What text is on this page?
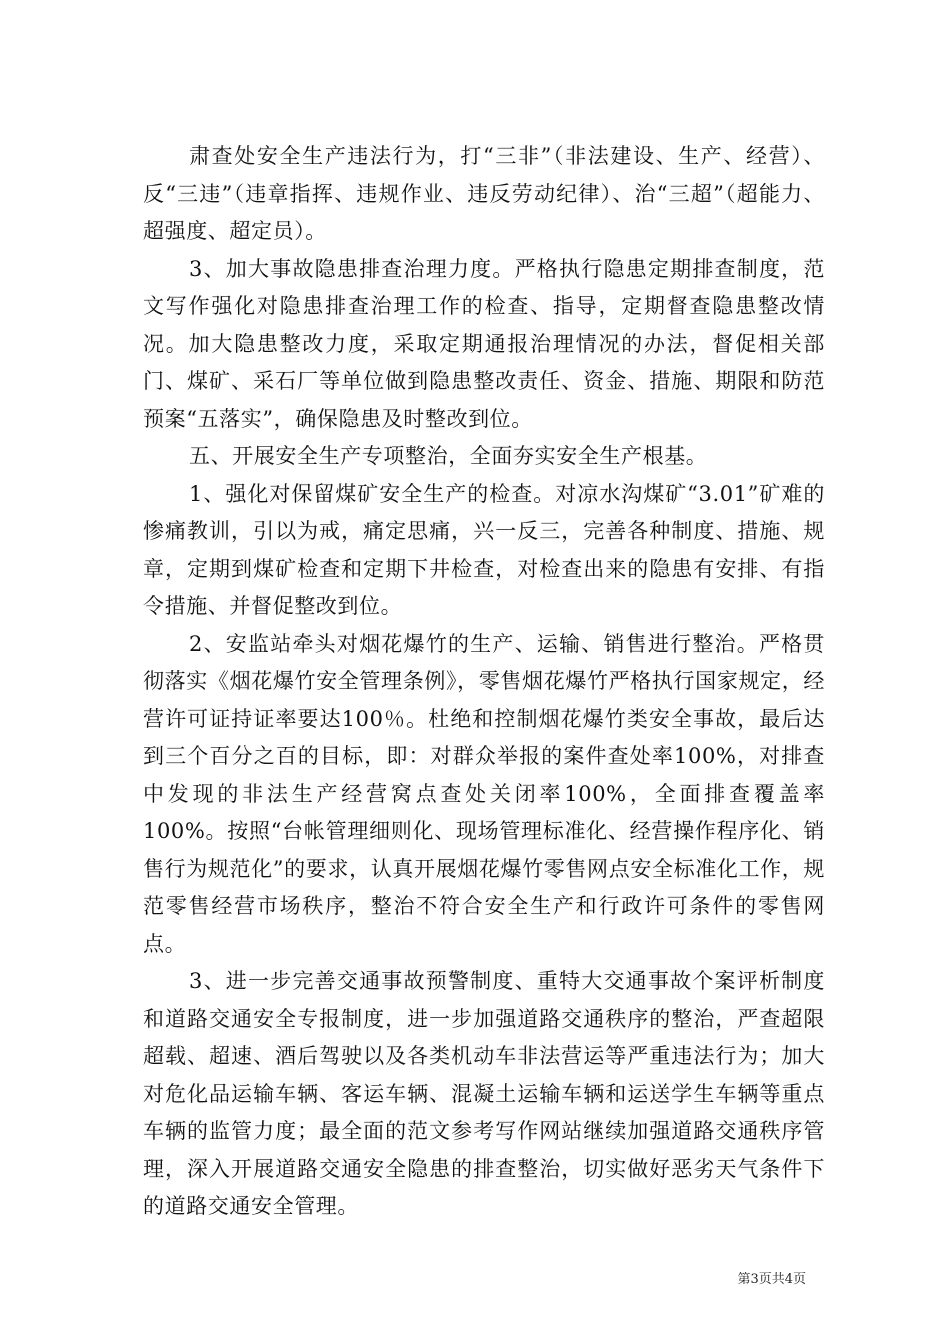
肃查处安全生产违法行为，打“三非”（非法建设、生产、经营）、反“三违”（违章指挥、违规作业、违反劳动纪律）、治“三超”（超能力、超强度、超定员）。

3、加大事故隐患排查治理力度。严格执行隐患定期排查制度，范文写作强化对隐患排查治理工作的检查、指导，定期督查隐患整改情况。加大隐患整改力度，采取定期通报治理情况的办法，督促相关部门、煤矿、采石厂等单位做到隐患整改责任、资金、措施、期限和防范预案“五落实”，确保隐患及时整改到位。

五、开展安全生产专项整治，全面夯实安全生产根基。

1、强化对保留煤矿安全生产的检查。对凉水沟煤矿“3.01”矿难的惨痛教训，引以为戒，痛定思痛，兴一反三，完善各种制度、措施、规章，定期到煤矿检查和定期下井检查，对检查出来的隐患有安排、有指令措施、并督促整改到位。

2、安监站牵头对烟花爆竹的生产、运输、销售进行整治。严格贯彻落实《烟花爆竹安全管理条例》，零售烟花爆竹严格执行国家规定，经营许可证持证率要达100％。杜绝和控制烟花爆竹类安全事故，最后达到三个百分之百的目标，即：对群众举报的案件查处率100%，对排查中发现的非法生产经营窝点查处关闭率100%，全面排查覆盖率100%。按照“台帐管理细则化、现场管理标准化、经营操作程序化、销售行为规范化”的要求，认真开展烟花爆竹零售网点安全标准化工作，规范零售经营市场秩序，整治不符合安全生产和行政许可条件的零售网点。

3、进一步完善交通事故预警制度、重特大交通事故个案评析制度和道路交通安全专报制度，进一步加强道路交通秩序的整治，严查超限超载、超速、酒后驾驶以及各类机动车非法营运等严重违法行为；加大对危化品运输车辆、客运车辆、混凝土运输车辆和运送学生车辆等重点车辆的监管力度；最全面的范文参考写作网站继续加强道路交通秩序管理，深入开展道路交通安全隐患的排查整治，切实做好恶劣天气条件下的道路交通安全管理。

第3页共4页
